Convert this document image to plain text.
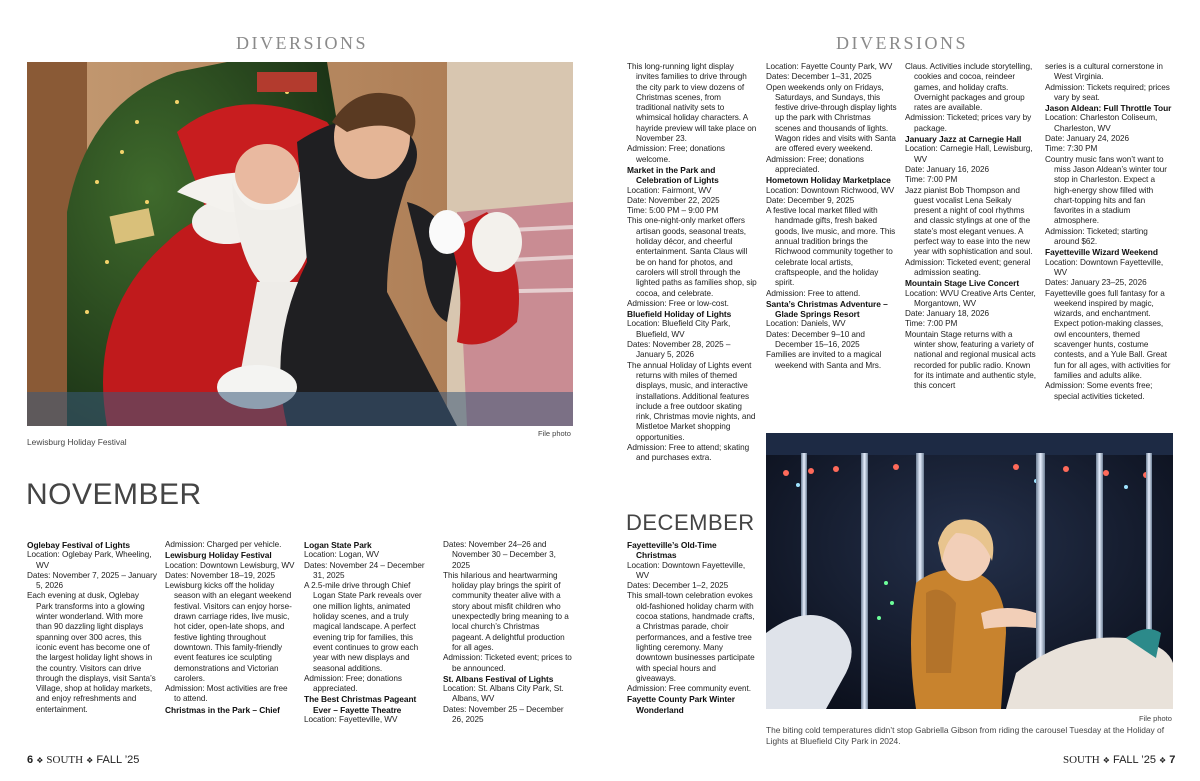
DIVERSIONS	DIVERSIONS
File photo
Lewisburg Holiday Festival
NOVEMBER
Oglebay Festival of Lights

Location: Oglebay Park, Wheeling, WV

Dates: November 7, 2025 – January 5, 2026

Each evening at dusk, Oglebay Park transforms into a glowing winter wonderland. With more than 90 dazzling light displays spanning over 300 acres, this iconic event has become one of the largest holiday light shows in the country. Visitors can drive through the displays, visit Santa’s Village, shop at holiday markets, and enjoy refreshments and entertainment.

Admission: Charged per vehicle.

Lewisburg Holiday Festival

Location: Downtown Lewisburg, WV

Dates: November 18–19, 2025

Lewisburg kicks off the holiday season with an elegant weekend festival. Visitors can enjoy horse-drawn carriage rides, live music, hot cider, open-late shops, and festive lighting throughout downtown. This family-friendly event features ice sculpting demonstrations and Victorian carolers.

Admission: Most activities are free to attend.

Christmas in the Park – Chief
Logan State Park

Location: Logan, WV

Dates: November 24 – December 31, 2025

A 2.5-mile drive through Chief Logan State Park reveals over one million lights, animated holiday scenes, and a truly magical landscape. A perfect evening trip for families, this event continues to grow each year with new displays and seasonal additions.

Admission: Free; donations appreciated.

The Best Christmas Pageant Ever – Fayette Theatre

Location: Fayetteville, WV

Dates: November 24–26 and November 30 – December 3, 2025

This hilarious and heartwarming holiday play brings the spirit of community theater alive with a story about misfit children who unexpectedly bring meaning to a local church’s Christmas pageant. A delightful production for all ages.

Admission: Ticketed event; prices to be announced.

St. Albans Festival of Lights

Location: St. Albans City Park, St. Albans, WV

Dates: November 25 – December 26, 2025

This long-running light display invites families to drive through the city park to view dozens of Christmas scenes, from traditional nativity sets to whimsical holiday characters. A hayride preview will take place on November 23.

Admission: Free; donations welcome.

Market in the Park and Celebration of Lights

Location: Fairmont, WV

Date: November 22, 2025

Time: 5:00 PM – 9:00 PM

This one-night-only market offers artisan goods, seasonal treats, holiday décor, and cheerful entertainment. Santa Claus will be on hand for photos, and carolers will stroll through the lighted paths as families shop, sip cocoa, and celebrate.

Admission: Free or low-cost.

Bluefield Holiday of Lights

Location: Bluefield City Park, Bluefield, WV

Dates: November 28, 2025 – January 5, 2026

The annual Holiday of Lights event returns with miles of themed displays, music, and interactive installations. Additional features include a free outdoor skating rink, Christmas movie nights, and Mistletoe Market shopping opportunities.

Admission: Free to attend; skating and purchases extra.

DECEMBER
Fayetteville’s Old-Time Christmas

Location: Downtown Fayetteville, WV

Dates: December 1–2, 2025

This small-town celebration evokes old-fashioned holiday charm with cocoa stations, handmade crafts, a Christmas parade, choir performances, and a festive tree lighting ceremony. Many downtown businesses participate with special hours and giveaways.

Admission: Free community event.

Fayette County Park Winter Wonderland

Location: Fayette County Park, WV

Dates: December 1–31, 2025

Open weekends only on Fridays, Saturdays, and Sundays, this festive drive-through display lights up the park with Christmas scenes and thousands of lights. Wagon rides and visits with Santa are offered every weekend.

Admission: Free; donations appreciated.

Hometown Holiday Marketplace

Location: Downtown Richwood, WV

Date: December 9, 2025

A festive local market filled with handmade gifts, fresh baked goods, live music, and more. This annual tradition brings the Richwood community together to celebrate local artists, craftspeople, and the holiday spirit.

Admission: Free to attend.

Santa’s Christmas Adventure – Glade Springs Resort

Location: Daniels, WV

Dates: December 9–10 and December 15–16, 2025

Families are invited to a magical weekend with Santa and Mrs.

Claus. Activities include storytelling, cookies and cocoa, reindeer games, and holiday crafts. Overnight packages and group rates are available.

Admission: Ticketed; prices vary by package.

January Jazz at Carnegie Hall

Location: Carnegie Hall, Lewisburg, WV

Date: January 16, 2026

Time: 7:00 PM

Jazz pianist Bob Thompson and guest vocalist Lena Seikaly present a night of cool rhythms and classic stylings at one of the state’s most elegant venues. A perfect way to ease into the new year with sophistication and soul.

Admission: Ticketed event; general admission seating.

Mountain Stage Live Concert

Location: WVU Creative Arts Center, Morgantown, WV

Date: January 18, 2026

Time: 7:00 PM

Mountain Stage returns with a winter show, featuring a variety of national and regional musical acts recorded for public radio. Known for its intimate and authentic style, this concert

series is a cultural cornerstone in West Virginia.

Admission: Tickets required; prices vary by seat.

Jason Aldean: Full Throttle Tour

Location: Charleston Coliseum, Charleston, WV

Date: January 24, 2026

Time: 7:30 PM

Country music fans won’t want to miss Jason Aldean’s winter tour stop in Charleston. Expect a high-energy show filled with chart-topping hits and fan favorites in a stadium atmosphere.

Admission: Ticketed; starting around $62.

Fayetteville Wizard Weekend

Location: Downtown Fayetteville, WV

Dates: January 23–25, 2026

Fayetteville goes full fantasy for a weekend inspired by magic, wizards, and enchantment. Expect potion-making classes, owl encounters, themed scavenger hunts, costume contests, and a Yule Ball. Great fun for all ages, with activities for families and adults alike.

Admission: Some events free; special activities ticketed.

File photo
The biting cold temperatures didn’t stop Gabriella Gibson from riding the carousel Tuesday at the Holiday of Lights at Bluefield City Park in 2024.
6 ❖ SOUTH ❖ FALL ’25	SOUTH ❖ FALL ’25 ❖ 7
